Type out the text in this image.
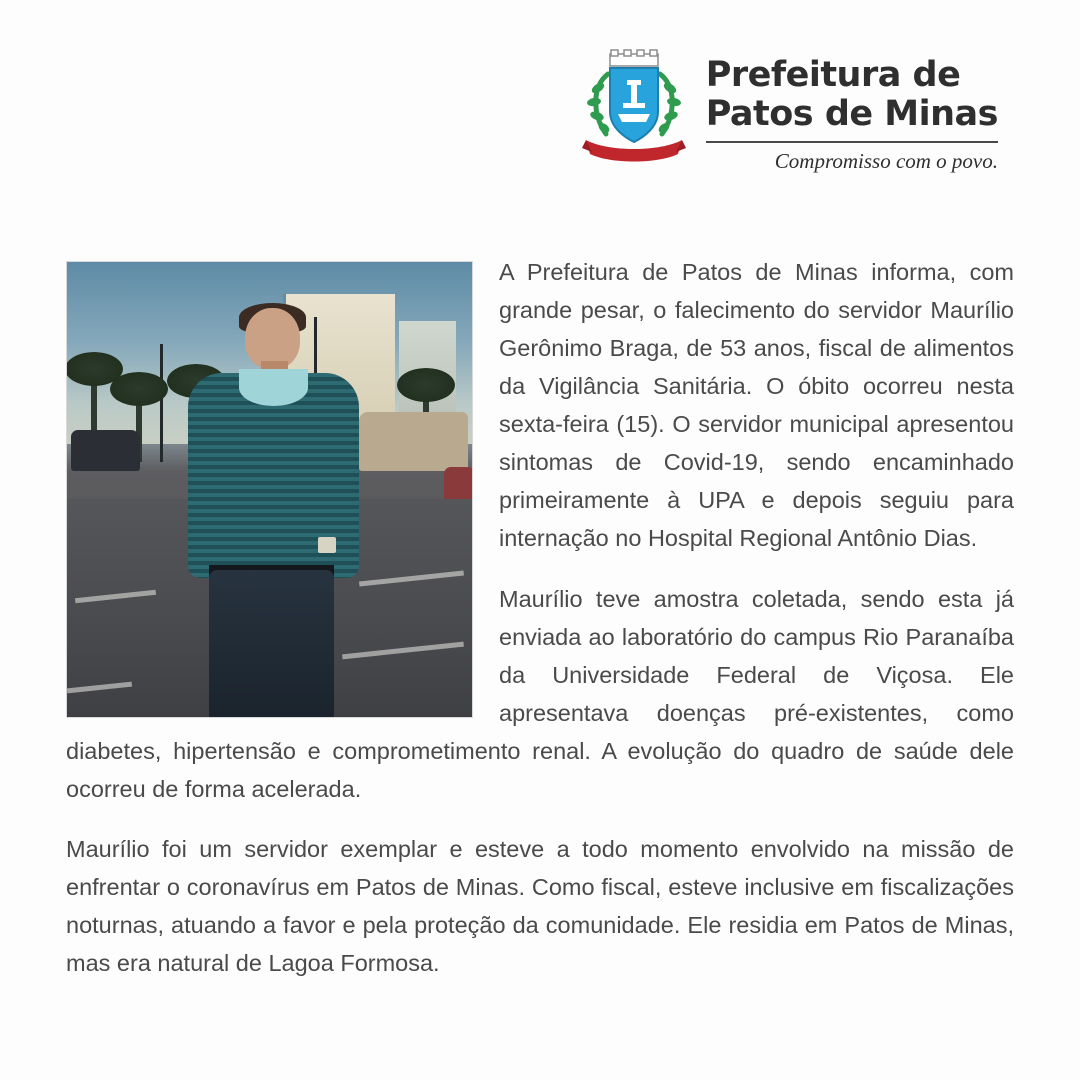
Prefeitura de
Patos de Minas
Compromisso com o povo.

A Prefeitura de Patos de Minas informa, com grande pesar, o falecimento do servidor Maurílio Gerônimo Braga, de 53 anos, fiscal de alimentos da Vigilância Sanitária. O óbito ocorreu nesta sexta-feira (15). O servidor municipal apresentou sintomas de Covid-19, sendo encaminhado primeiramente à UPA e depois seguiu para internação no Hospital Regional Antônio Dias.

Maurílio teve amostra coletada, sendo esta já enviada ao laboratório do campus Rio Paranaíba da Universidade Federal de Viçosa. Ele apresentava doenças pré-existentes, como diabetes, hipertensão e comprometimento renal. A evolução do quadro de saúde dele ocorreu de forma acelerada.

Maurílio foi um servidor exemplar e esteve a todo momento envolvido na missão de enfrentar o coronavírus em Patos de Minas. Como fiscal, esteve inclusive em fiscalizações noturnas, atuando a favor e pela proteção da comunidade. Ele residia em Patos de Minas, mas era natural de Lagoa Formosa.
